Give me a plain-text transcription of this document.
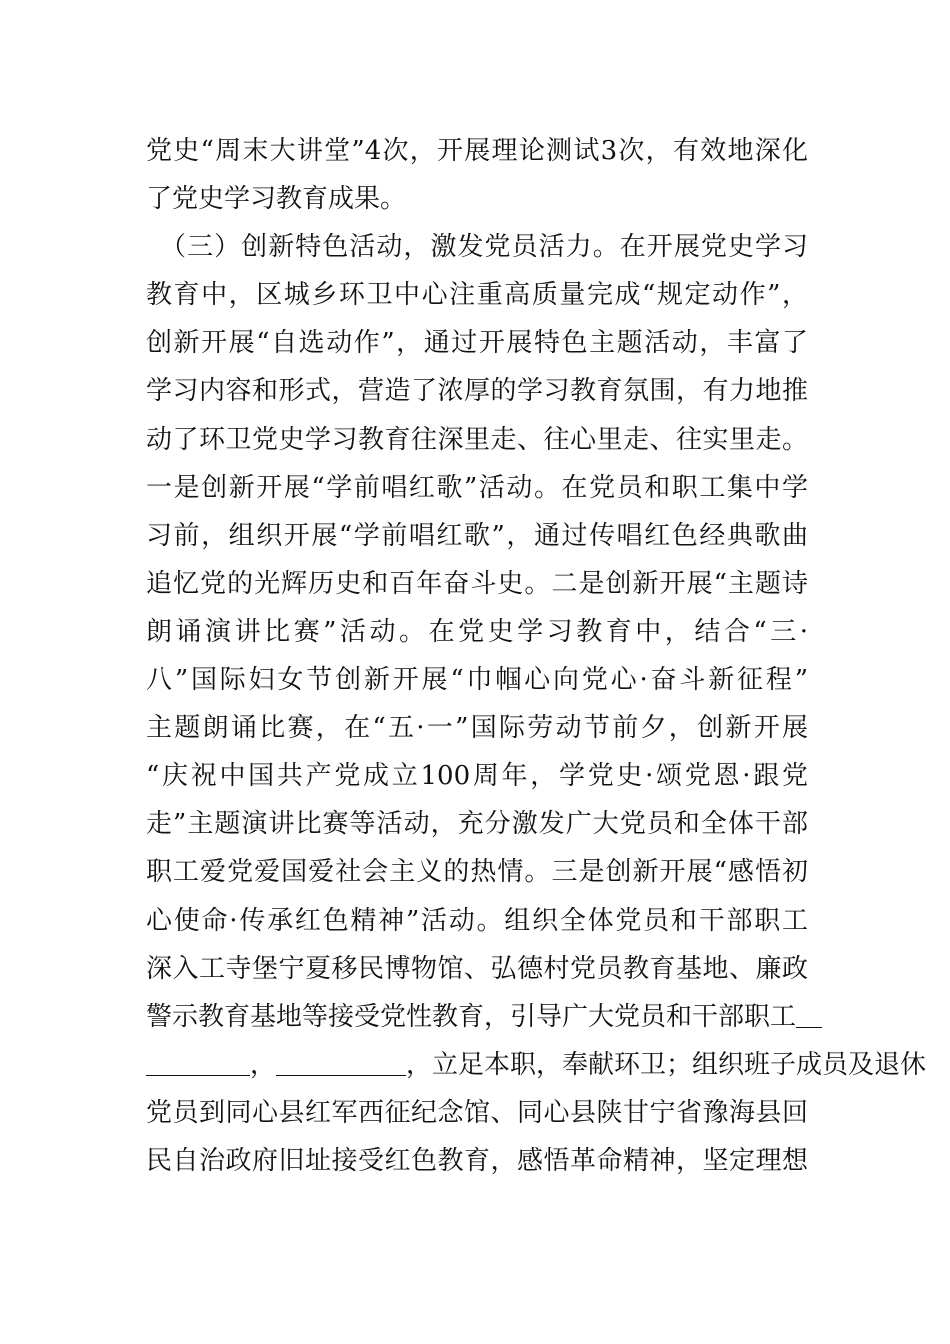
党史“周末大讲堂”4次，开展理论测试3次，有效地深化
了党史学习教育成果。
　（三）创新特色活动，激发党员活力。在开展党史学习
教育中，区城乡环卫中心注重高质量完成“规定动作”，
创新开展“自选动作”，通过开展特色主题活动，丰富了
学习内容和形式，营造了浓厚的学习教育氛围，有力地推
动了环卫党史学习教育往深里走、往心里走、往实里走。
一是创新开展“学前唱红歌”活动。在党员和职工集中学
习前，组织开展“学前唱红歌”，通过传唱红色经典歌曲
追忆党的光辉历史和百年奋斗史。二是创新开展“主题诗
朗诵演讲比赛”活动。在党史学习教育中，结合“三·
八”国际妇女节创新开展“巾帼心向党心·奋斗新征程”
主题朗诵比赛，在“五·一”国际劳动节前夕，创新开展
“庆祝中国共产党成立100周年，学党史·颂党恩·跟党
走”主题演讲比赛等活动，充分激发广大党员和全体干部
职工爱党爱国爱社会主义的热情。三是创新开展“感悟初
心使命·传承红色精神”活动。组织全体党员和干部职工
深入工寺堡宁夏移民博物馆、弘德村党员教育基地、廉政
警示教育基地等接受党性教育，引导广大党员和干部职工＿
＿＿＿＿，＿＿＿＿＿，立足本职，奉献环卫；组织班子成员及退休
党员到同心县红军西征纪念馆、同心县陕甘宁省豫海县回
民自治政府旧址接受红色教育，感悟革命精神，坚定理想
